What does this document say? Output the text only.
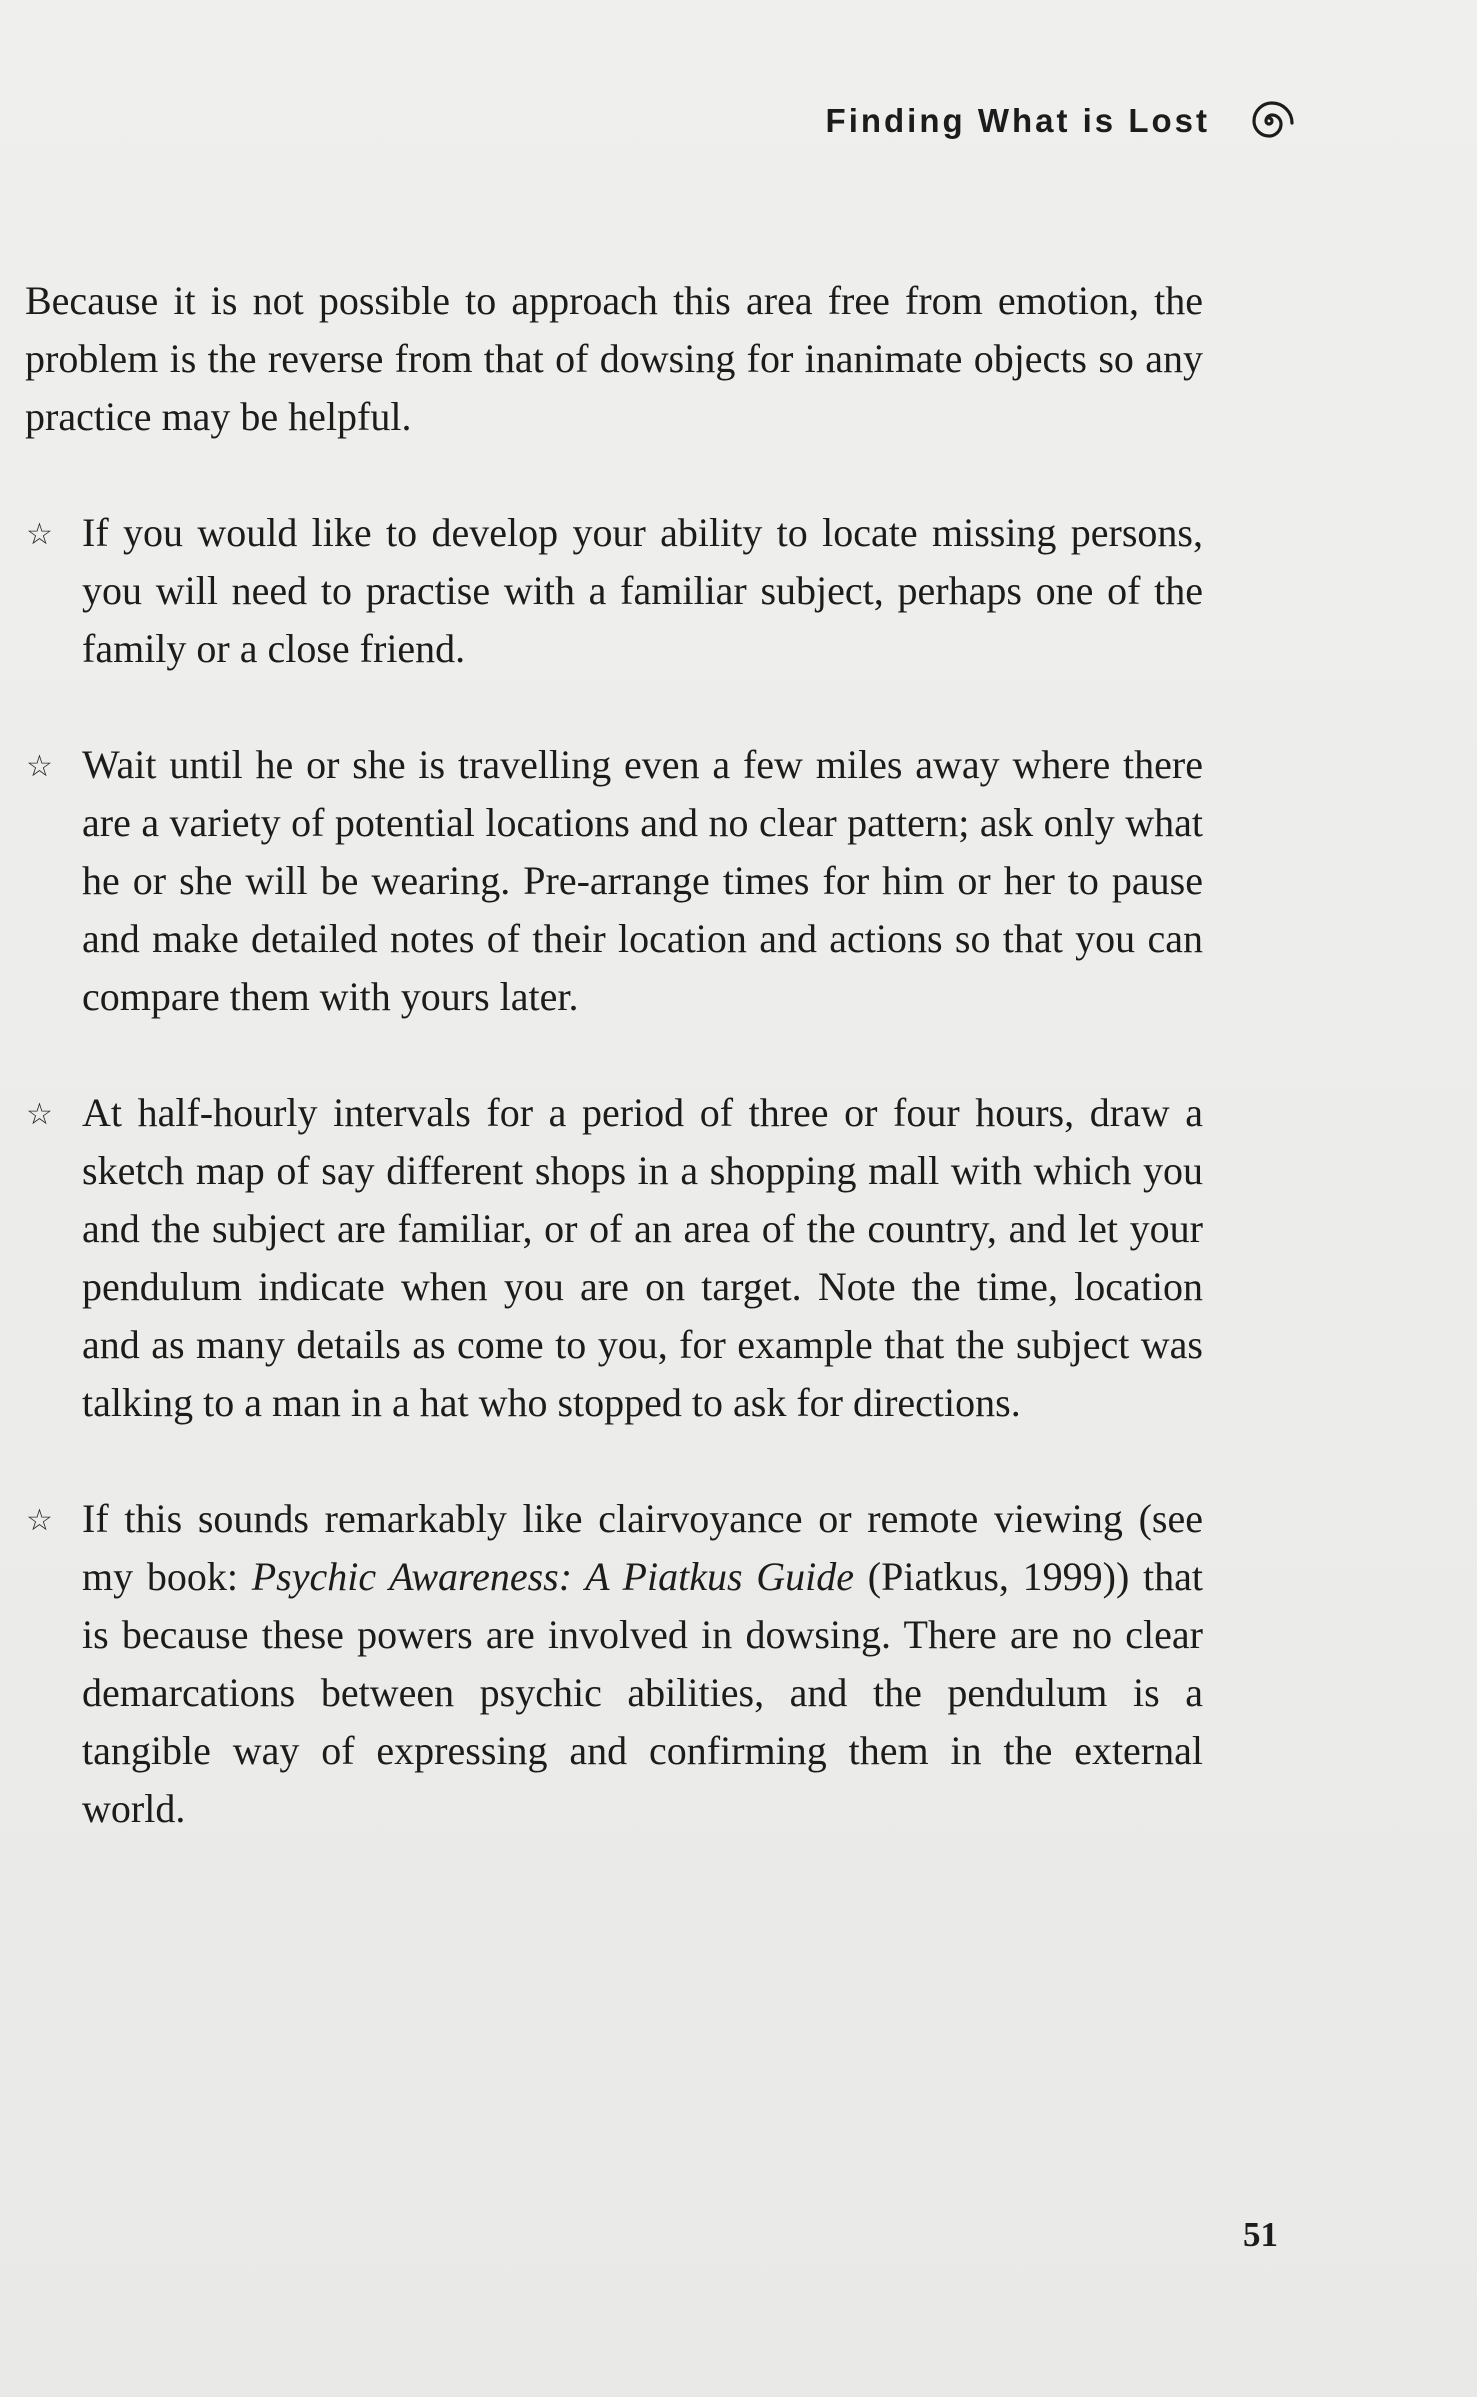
Finding What is Lost

Because it is not possible to approach this area free from emotion, the problem is the reverse from that of dowsing for inanimate objects so any practice may be helpful.

☆ If you would like to develop your ability to locate missing persons, you will need to practise with a familiar subject, perhaps one of the family or a close friend.
☆ Wait until he or she is travelling even a few miles away where there are a variety of potential locations and no clear pattern; ask only what he or she will be wearing. Pre-arrange times for him or her to pause and make detailed notes of their location and actions so that you can compare them with yours later.
☆ At half-hourly intervals for a period of three or four hours, draw a sketch map of say different shops in a shopping mall with which you and the subject are familiar, or of an area of the country, and let your pendulum indicate when you are on target. Note the time, location and as many details as come to you, for example that the subject was talking to a man in a hat who stopped to ask for directions.
☆ If this sounds remarkably like clairvoyance or remote viewing (see my book: Psychic Awareness: A Piatkus Guide (Piatkus, 1999)) that is because these powers are involved in dowsing. There are no clear demarcations between psychic abilities, and the pendulum is a tangible way of expressing and confirming them in the external world.
51
